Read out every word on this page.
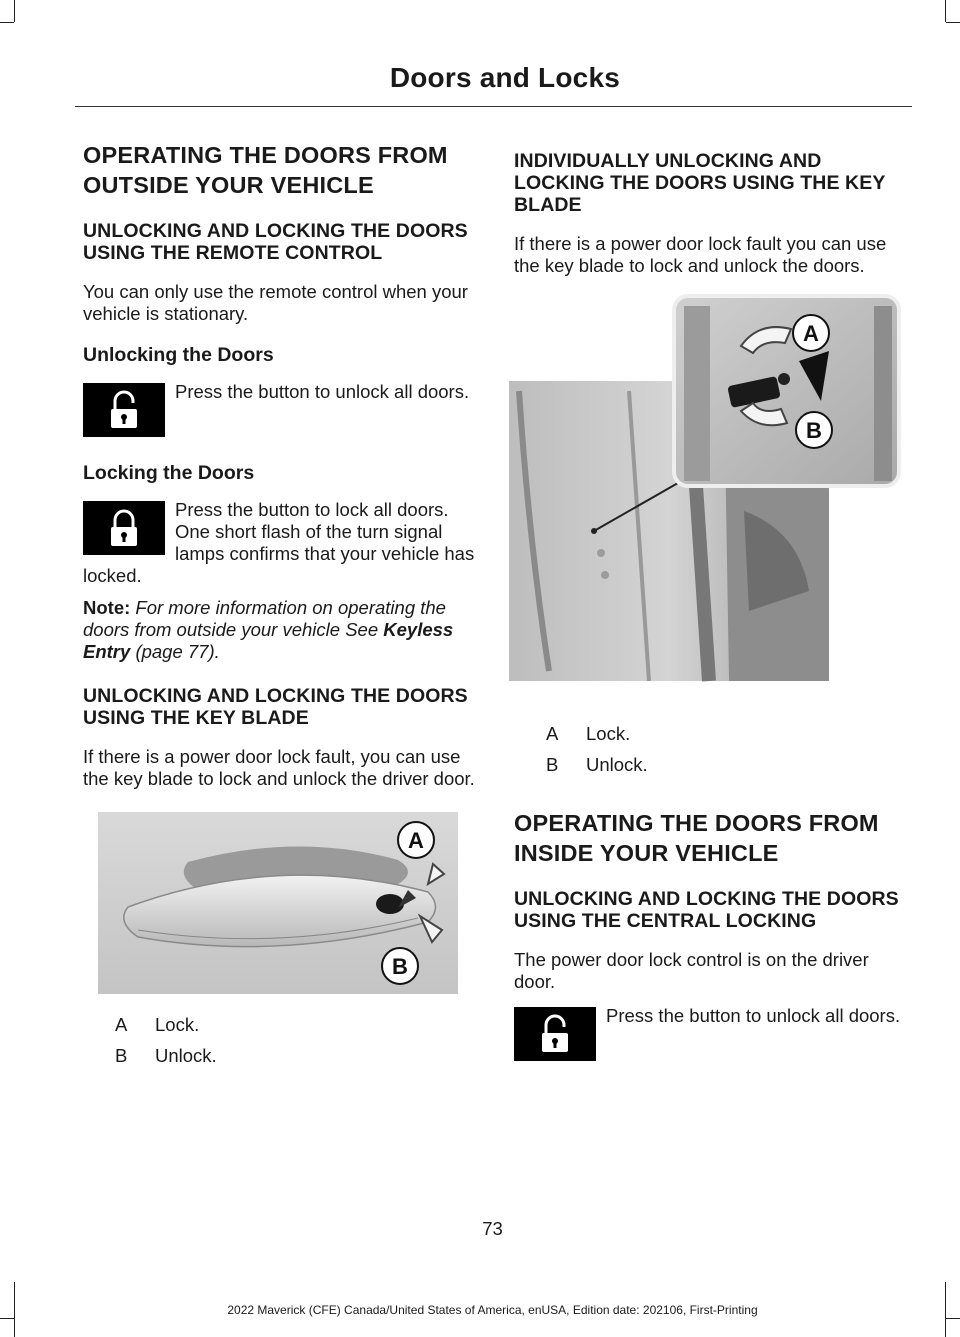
Doors and Locks
OPERATING THE DOORS FROM OUTSIDE YOUR VEHICLE
UNLOCKING AND LOCKING THE DOORS USING THE REMOTE CONTROL

You can only use the remote control when your vehicle is stationary.

Unlocking the Doors

Press the button to unlock all doors.

Locking the Doors

Press the button to lock all doors. One short flash of the turn signal lamps confirms that your vehicle has locked.

Note: For more information on operating the doors from outside your vehicle See Keyless Entry (page 77).

UNLOCKING AND LOCKING THE DOORS USING THE KEY BLADE

If there is a power door lock fault, you can use the key blade to lock and unlock the driver door.

A
B
A	Lock.
B	Unlock.
INDIVIDUALLY UNLOCKING AND LOCKING THE DOORS USING THE KEY BLADE

If there is a power door lock fault you can use the key blade to lock and unlock the doors.

A
B
A	Lock.
B	Unlock.
OPERATING THE DOORS FROM INSIDE YOUR VEHICLE
UNLOCKING AND LOCKING THE DOORS USING THE CENTRAL LOCKING

The power door lock control is on the driver door.

Press the button to unlock all doors.

73
2022 Maverick (CFE) Canada/United States of America, enUSA, Edition date: 202106, First-Printing
